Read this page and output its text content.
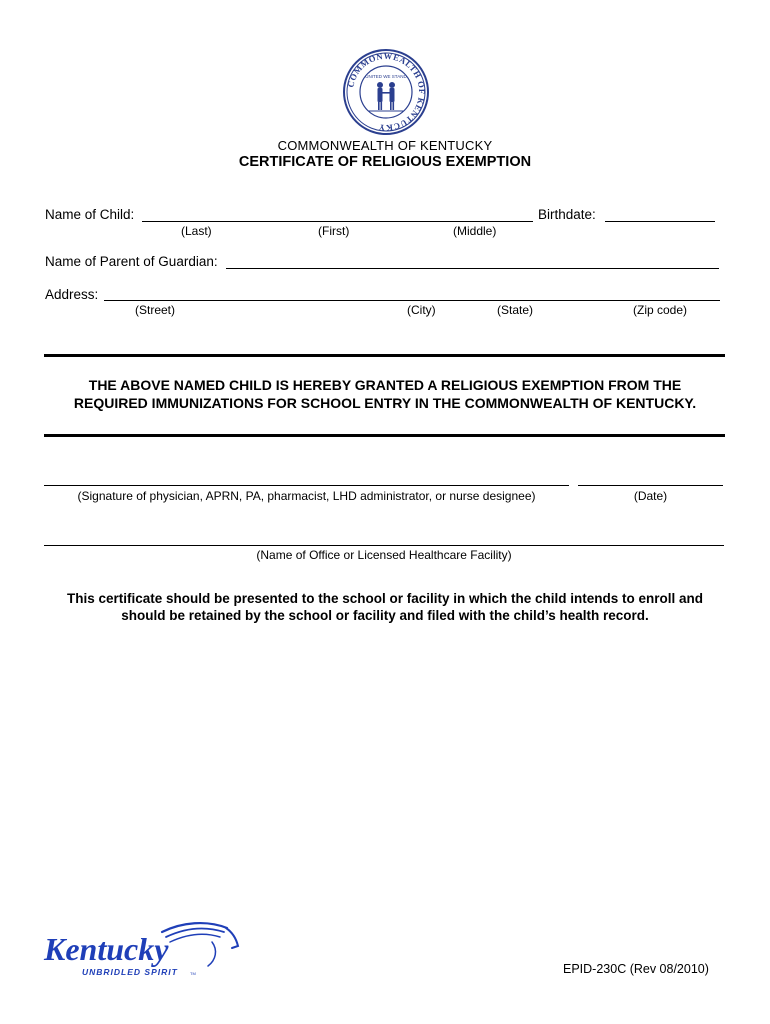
COMMONWEALTH OF KENTUCKY
UNITED WE STAND
COMMONWEALTH OF KENTUCKY
CERTIFICATE OF RELIGIOUS EXEMPTION
Name of Child:	Birthdate:
(Last)	(First)	(Middle)
Name of Parent of Guardian:
Address:
(Street)	(City)	(State)	(Zip code)
THE ABOVE NAMED CHILD IS HEREBY GRANTED A RELIGIOUS EXEMPTION FROM THE
REQUIRED IMMUNIZATIONS FOR SCHOOL ENTRY IN THE COMMONWEALTH OF KENTUCKY.
(Signature of physician, APRN, PA, pharmacist, LHD administrator, or nurse designee)	(Date)
(Name of Office or Licensed Healthcare Facility)
This certificate should be presented to the school or facility in which the child intends to enroll and
should be retained by the school or facility and filed with the child’s health record.
Kentucky
UNBRIDLED SPIRIT	TM	EPID-230C (Rev 08/2010)
